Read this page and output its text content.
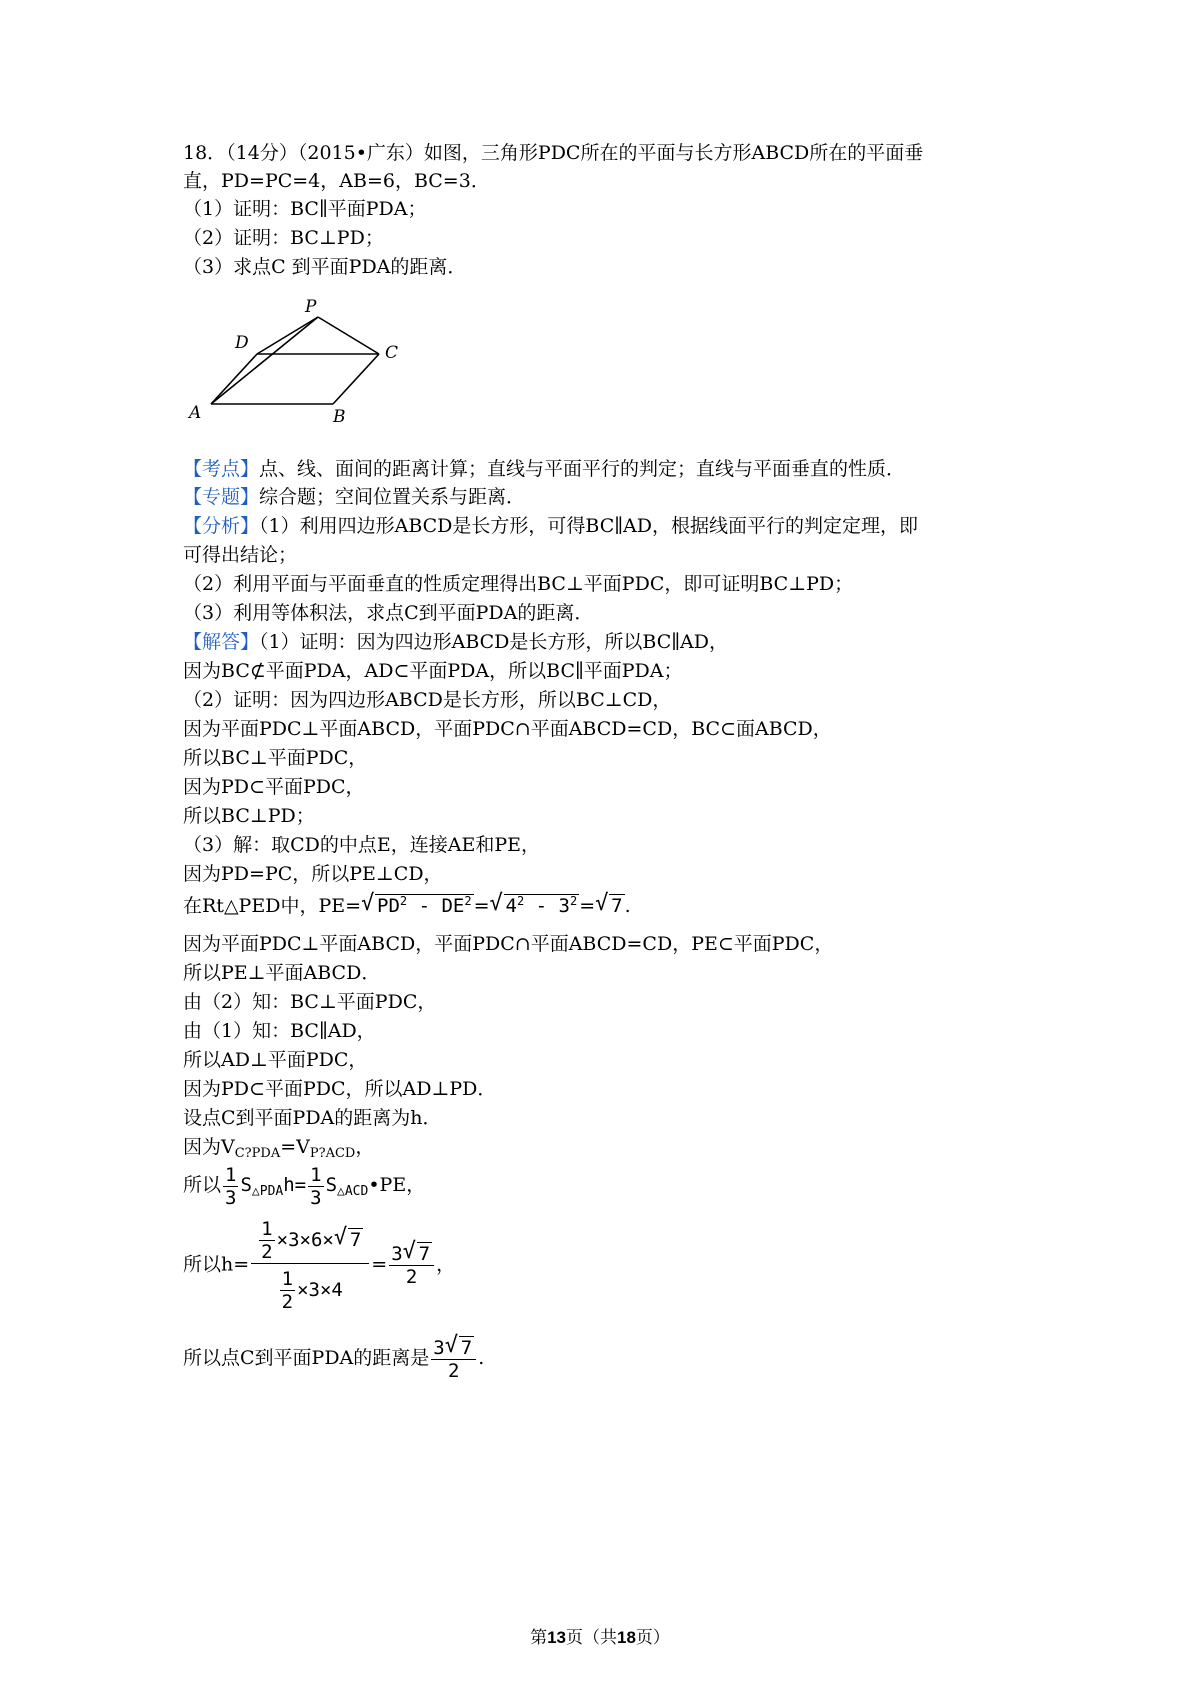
18．（14分）（2015•广东）如图，三角形PDC所在的平面与长方形ABCD所在的平面垂
直，PD=PC=4，AB=6，BC=3．
（1）证明：BC∥平面PDA；
（2）证明：BC⊥PD；
（3）求点C 到平面PDA的距离．
P
D	C
A	B
【考点】点、线、面间的距离计算；直线与平面平行的判定；直线与平面垂直的性质．
【专题】综合题；空间位置关系与距离．
【分析】（1）利用四边形ABCD是长方形，可得BC∥AD，根据线面平行的判定定理，即
可得出结论；
（2）利用平面与平面垂直的性质定理得出BC⊥平面PDC，即可证明BC⊥PD；
（3）利用等体积法，求点C到平面PDA的距离．
【解答】（1）证明：因为四边形ABCD是长方形，所以BC∥AD，
因为BC⊄平面PDA，AD⊂平面PDA，所以BC∥平面PDA；
（2）证明：因为四边形ABCD是长方形，所以BC⊥CD，
因为平面PDC⊥平面ABCD，平面PDC∩平面ABCD=CD，BC⊂面ABCD，
所以BC⊥平面PDC，
因为PD⊂平面PDC，
所以BC⊥PD；
（3）解：取CD的中点E，连接AE和PE，
因为PD=PC，所以PE⊥CD，
在Rt△PED中，PE= √ $PD^2 - DE^2$ = √ $4^2 - 3^2$ = √ 7 .
因为平面PDC⊥平面ABCD，平面PDC∩平面ABCD=CD，PE⊂平面PDC，
所以PE⊥平面ABCD．
由（2）知：BC⊥平面PDC，
由（1）知：BC∥AD，
所以AD⊥平面PDC，
因为PD⊂平面PDC，所以AD⊥PD．
设点C到平面PDA的距离为h．
因为$V_{C?PDA}=V_{P?ACD}$，
所以 $\frac{1}{3} S_{\triangle PDA}h= \frac{1}{3}$ $S_{\triangle ACD}•PE$，
所以$h= \frac{\frac{1}{2} \times 3\times 6\times √ 7}{\frac{1}{2} \times 3\times 4} = \frac{3 √ 7}{2}$ ，
所以点C到平面PDA的距离是 $\frac{3 √ 7}{2}$ .
第13页（共18页）
